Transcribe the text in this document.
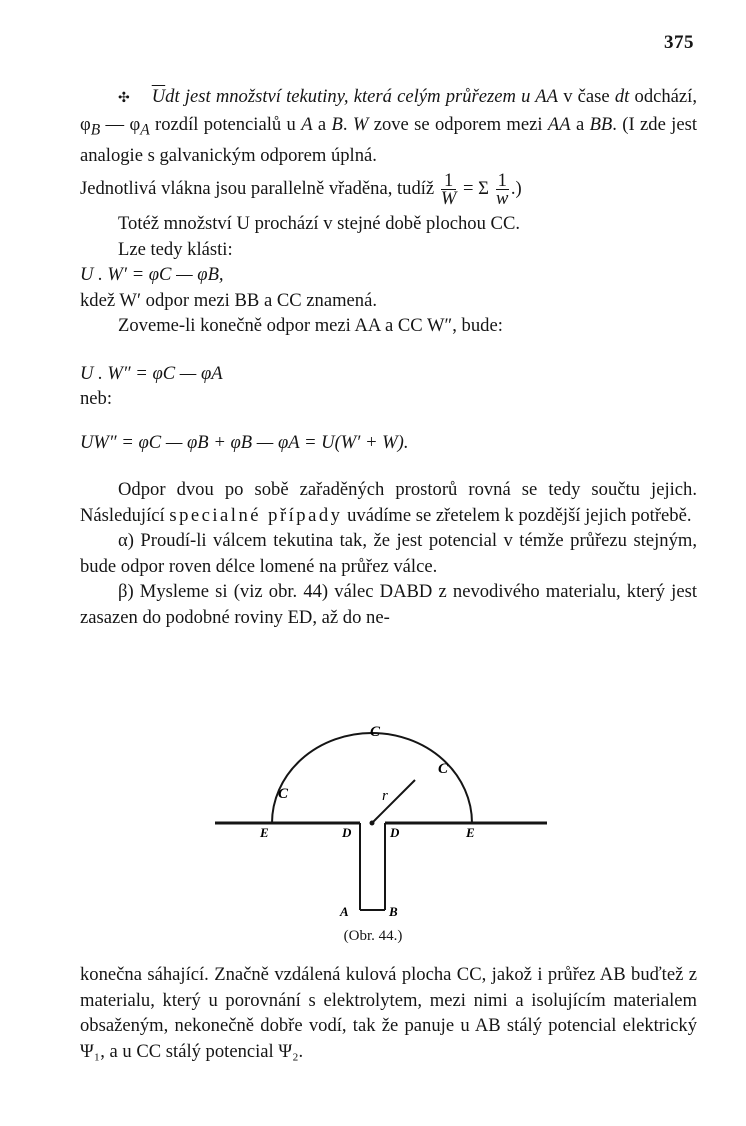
375

✣ $\overline{U}dt$ jest množství tekutiny, která celým průřezem u AA v čase dt odchází, $\varphi_B$ — $\varphi_A$ rozdíl potencialů u A a B. W zove se odporem mezi AA a BB. (I zde jest analogie s galvanickým odporem úplná.

Jednotlivá vlákna jsou parallelně vřaděna, tudíž $\frac{1}{W} = \Sigma \frac{1}{w}$ .)

Totéž množství U prochází v stejné době plochou CC.

Lze tedy klásti:

U . W′ = φC — φB,

kdež W′ odpor mezi BB a CC znamená.

Zoveme-li konečně odpor mezi AA a CC W″, bude:

U . W″ = φC — φA

neb:

UW″ = φC — φB + φB — φA = U(W′ + W).

Odpor dvou po sobě zařaděných prostorů rovná se tedy součtu jejich. Následující specialné případy uvádíme se zřetelem k pozdější jejich potřebě.

α) Proudí-li válcem tekutina tak, že jest potencial v témže průřezu stejným, bude odpor roven délce lomené na průřez válce.

β) Mysleme si (viz obr. 44) válec DABD z nevodivého materialu, který jest zasazen do podobné roviny ED, až do ne-

C
C
C	r
E	D	D	E
A	B
(Obr. 44.)

konečna sáhající. Značně vzdálená kulová plocha CC, jakož i průřez AB buďtež z materialu, který u porovnání s elektrolytem, mezi nimi a isolujícím materialem obsaženým, nekonečně dobře vodí, tak že panuje u AB stálý potencial elektrický Ψ₁, a u CC stálý potencial Ψ₂.
